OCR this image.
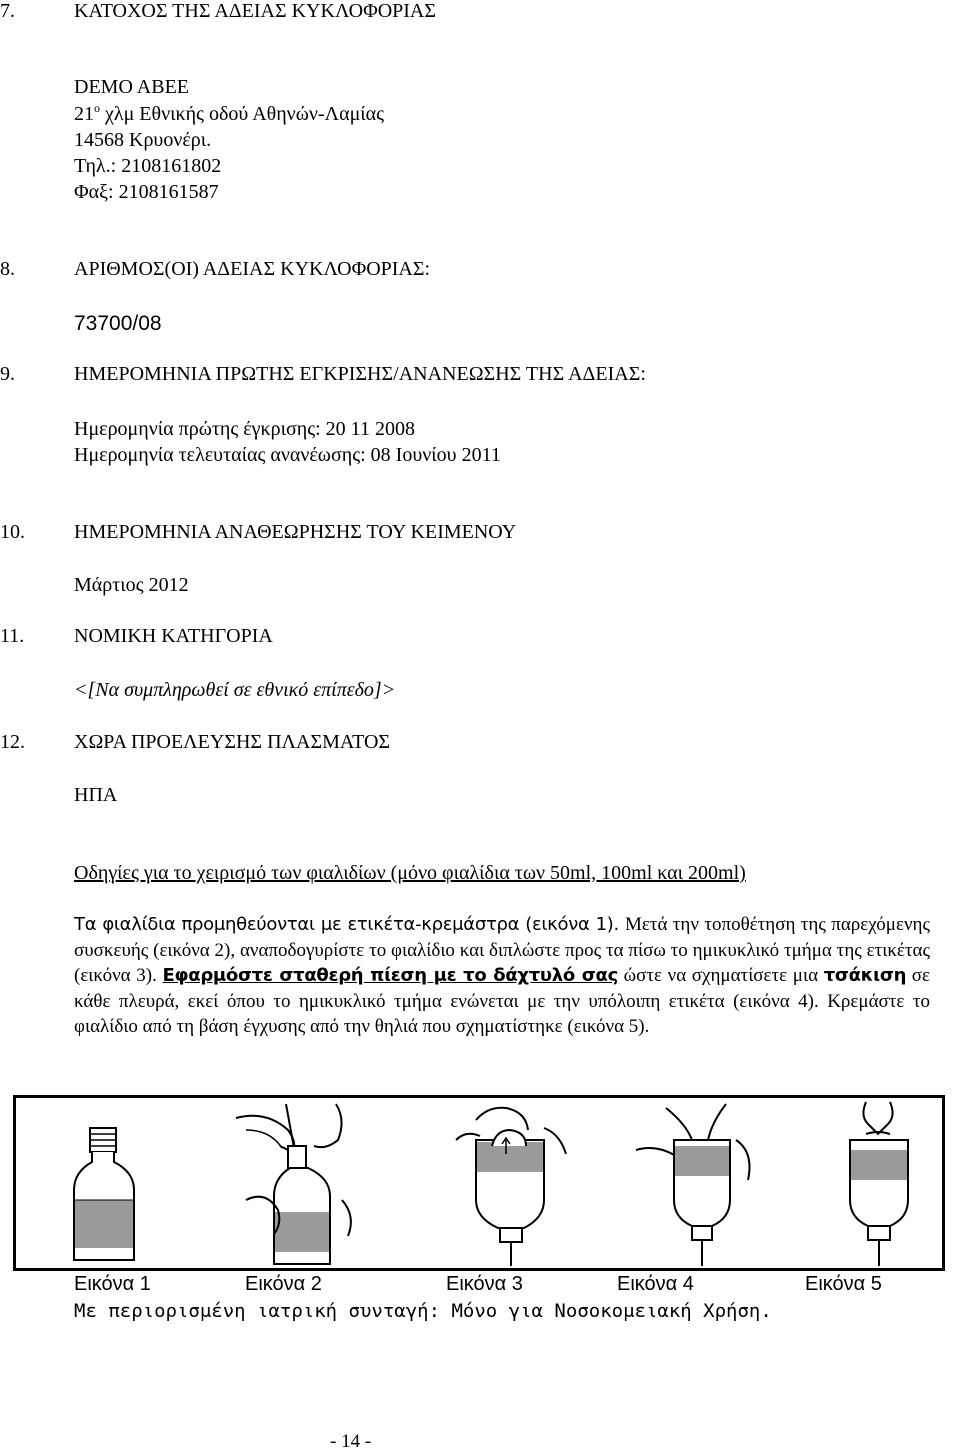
7.	ΚΑΤΟΧΟΣ ΤΗΣ ΑΔΕΙΑΣ ΚΥΚΛΟΦΟΡΙΑΣ
DEMO ABEE
$21^o$ χλμ Εθνικής οδού Αθηνών-Λαμίας
14568 Κρυονέρι.
Τηλ.: 2108161802
Φαξ: 2108161587
8.	ΑΡΙΘΜΟΣ(ΟΙ) ΑΔΕΙΑΣ ΚΥΚΛΟΦΟΡΙΑΣ:
73700/08
9.	ΗΜΕΡΟΜΗΝΙΑ ΠΡΩΤΗΣ ΕΓΚΡΙΣΗΣ/ΑΝΑΝΕΩΣΗΣ ΤΗΣ ΑΔΕΙΑΣ:
Ημερομηνία πρώτης έγκρισης: 20 11 2008
Ημερομηνία τελευταίας ανανέωσης: 08 Ιουνίου 2011
10. ΗΜΕΡΟΜΗΝΙΑ ΑΝΑΘΕΩΡΗΣΗΣ ΤΟΥ ΚΕΙΜΕΝΟΥ
Μάρτιος 2012
11. ΝΟΜΙΚΗ ΚΑΤΗΓΟΡΙΑ
<[Να συμπληρωθεί σε εθνικό επίπεδο]>
12. ΧΩΡΑ ΠΡΟΕΛΕΥΣΗΣ ΠΛΑΣΜΑΤΟΣ
ΗΠΑ
Οδηγίες για το χειρισμό των φιαλιδίων (μόνο φιαλίδια των 50ml, 100ml και 200ml)
Τα φιαλίδια προμηθεύονται με ετικέτα-κρεμάστρα (εικόνα 1). Μετά την τοποθέτηση της παρεχόμενης συσκευής (εικόνα 2), αναποδογυρίστε το φιαλίδιο και διπλώστε προς τα πίσω το ημικυκλικό τμήμα της ετικέτας (εικόνα 3). Εφαρμόστε σταθερή πίεση με το δάχτυλό σας ώστε να σχηματίσετε μια τσάκιση σε κάθε πλευρά, εκεί όπου το ημικυκλικό τμήμα ενώνεται με την υπόλοιπη ετικέτα (εικόνα 4). Κρεμάστε το φιαλίδιο από τη βάση έγχυσης από την θηλιά που σχηματίστηκε (εικόνα 5).
Εικόνα 1	Εικόνα 2	Εικόνα 3	Εικόνα 4	Εικόνα 5
Με περιορισμένη ιατρική συνταγή: Μόνο για Νοσοκομειακή Χρήση.
- 14 -
